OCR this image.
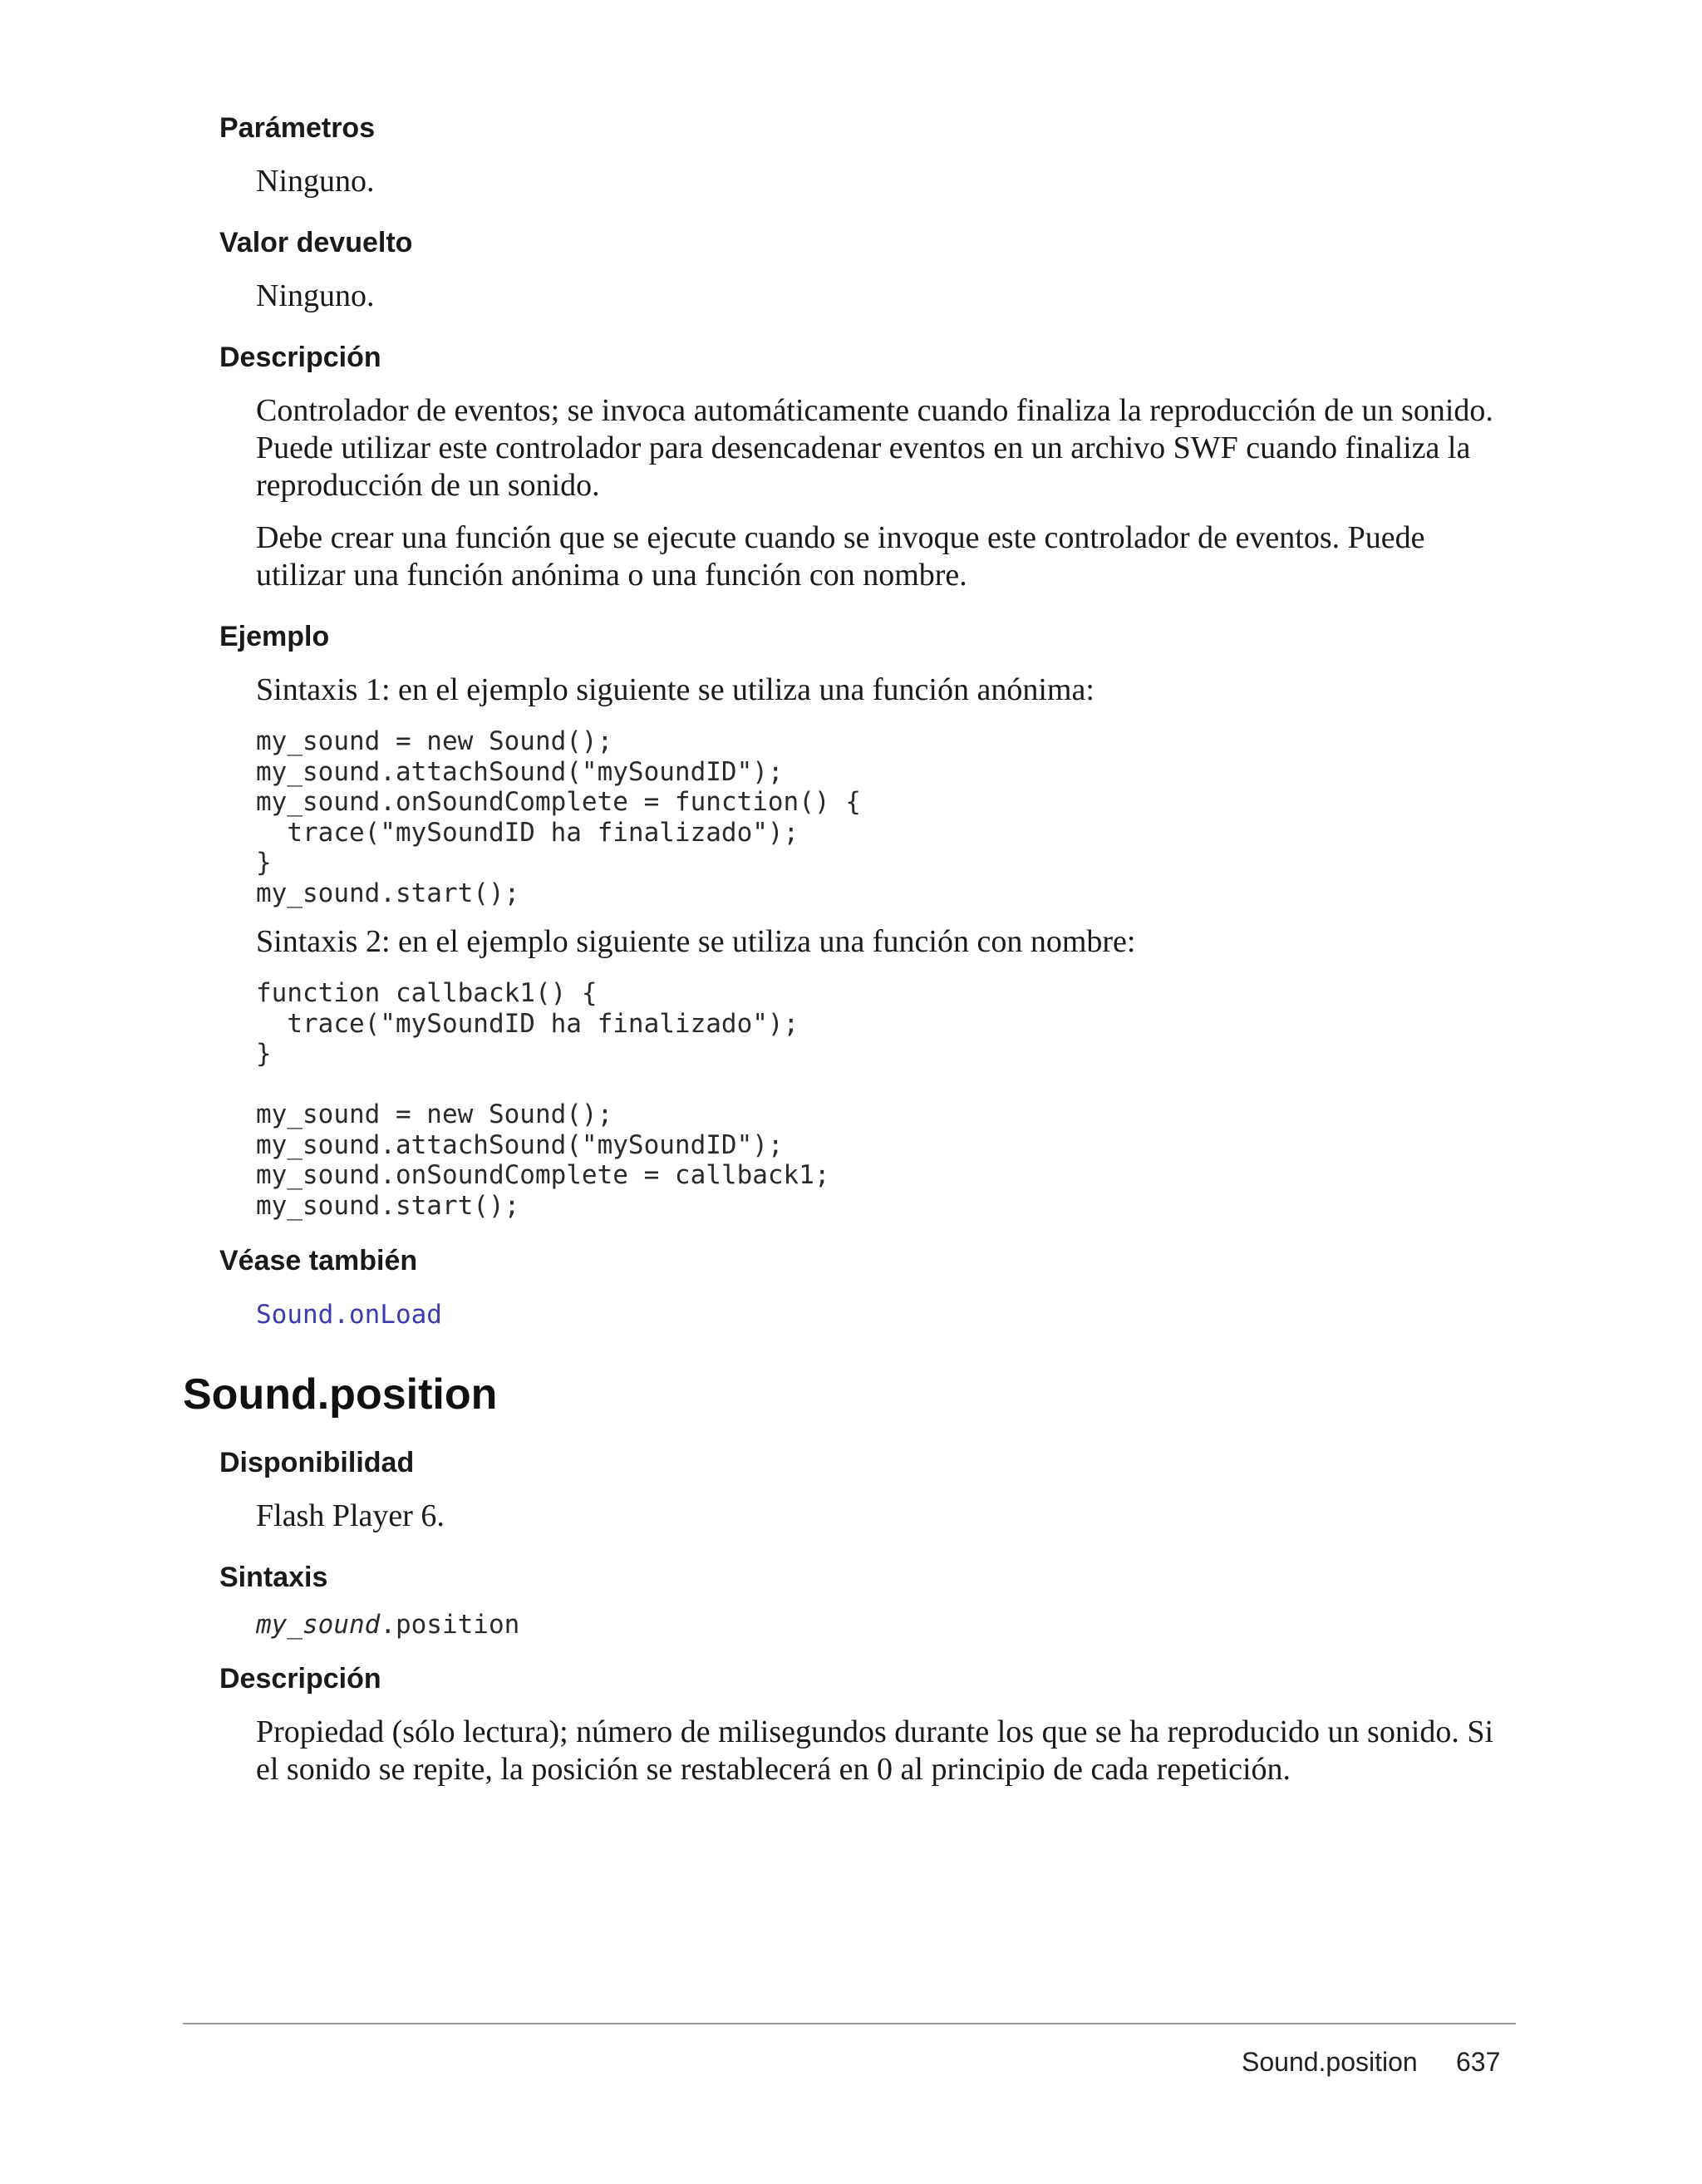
Parámetros

Ninguno.

Valor devuelto

Ninguno.

Descripción

Controlador de eventos; se invoca automáticamente cuando finaliza la reproducción de un sonido. Puede utilizar este controlador para desencadenar eventos en un archivo SWF cuando finaliza la reproducción de un sonido.

Debe crear una función que se ejecute cuando se invoque este controlador de eventos. Puede utilizar una función anónima o una función con nombre.

Ejemplo

Sintaxis 1: en el ejemplo siguiente se utiliza una función anónima:

my_sound = new Sound();
my_sound.attachSound("mySoundID");
my_sound.onSoundComplete = function() {
trace("mySoundID ha finalizado");
}
my_sound.start();

Sintaxis 2: en el ejemplo siguiente se utiliza una función con nombre:

function callback1() {
trace("mySoundID ha finalizado");
}
my_sound = new Sound();
my_sound.attachSound("mySoundID");
my_sound.onSoundComplete = callback1;
my_sound.start();
Véase también
Sound.onLoad
Sound.position
Disponibilidad

Flash Player 6.

Sintaxis
my_sound.position
Descripción

Propiedad (sólo lectura); número de milisegundos durante los que se ha reproducido un sonido. Si el sonido se repite, la posición se restablecerá en 0 al principio de cada repetición.

Sound.position 637
